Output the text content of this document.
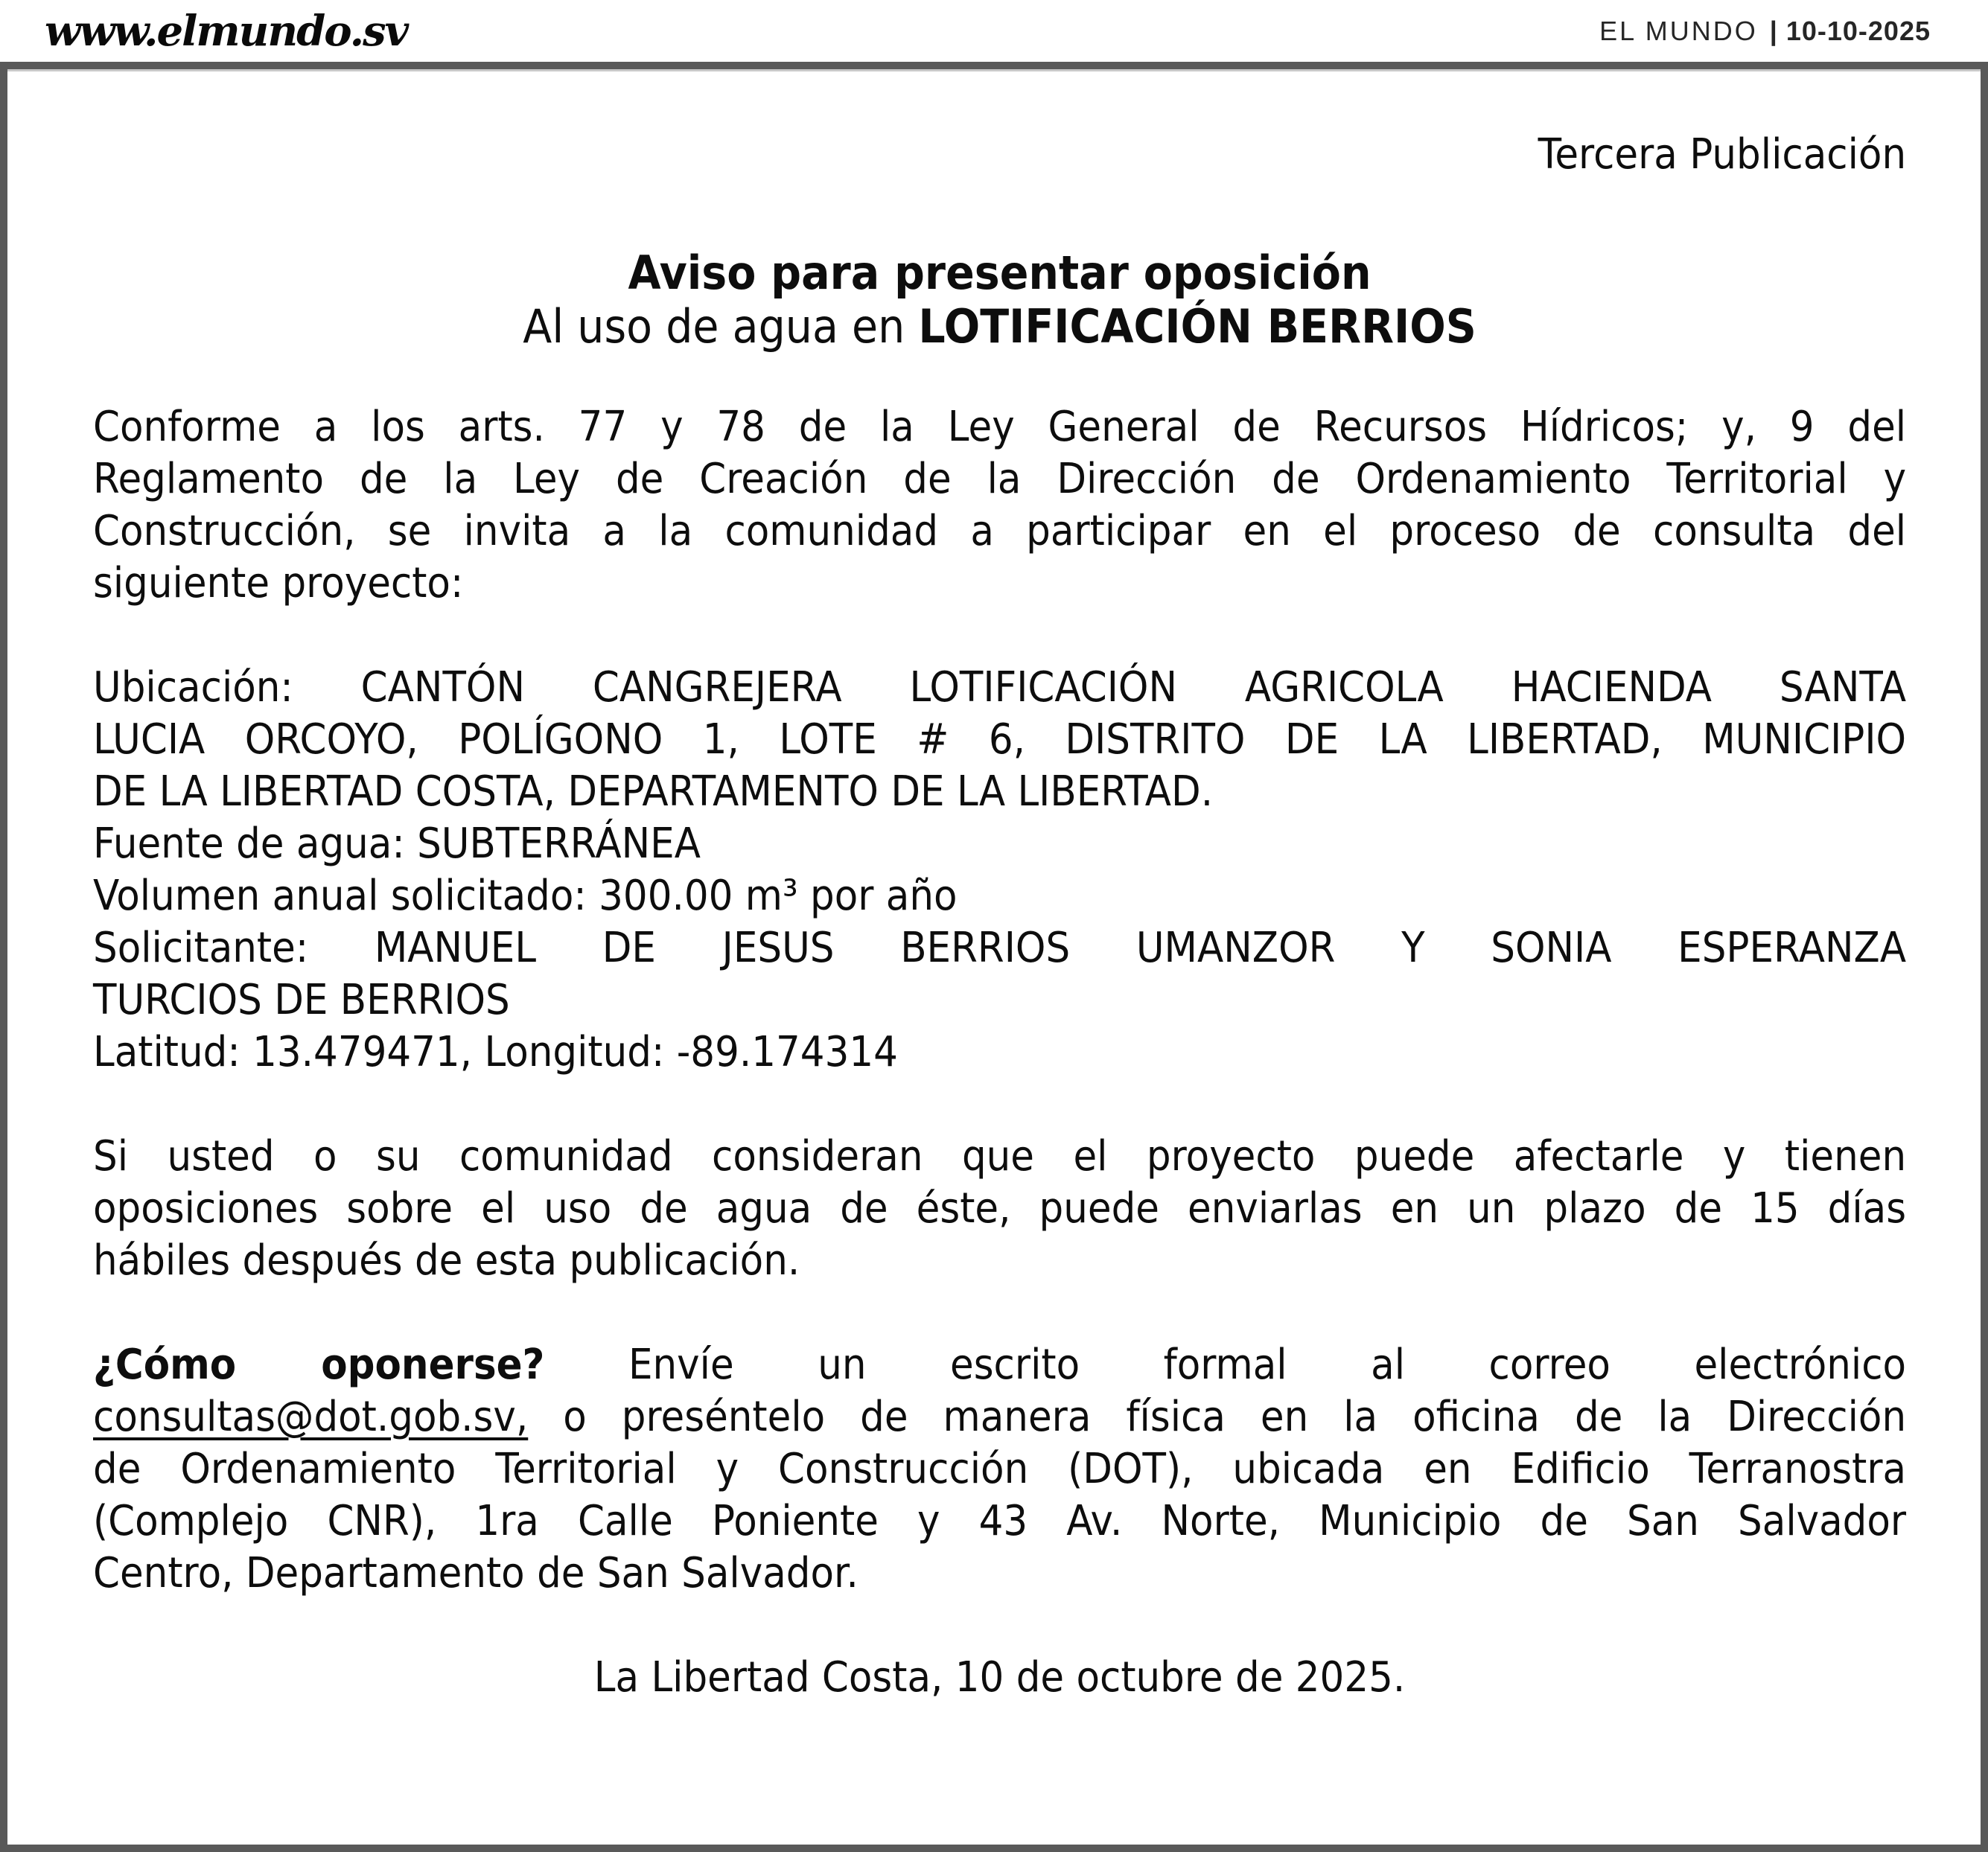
www.elmundo.sv	EL MUNDO | 10-10-2025
Tercera Publicación
Aviso para presentar oposición
Al uso de agua en LOTIFICACIÓN BERRIOS
Conforme a los arts. 77 y 78 de la Ley General de Recursos Hídricos; y, 9 del
Reglamento de la Ley de Creación de la Dirección de Ordenamiento Territorial y
Construcción, se invita a la comunidad a participar en el proceso de consulta del
siguiente proyecto:
Ubicación: CANTÓN CANGREJERA LOTIFICACIÓN AGRICOLA HACIENDA SANTA
LUCIA ORCOYO, POLÍGONO 1, LOTE # 6, DISTRITO DE LA LIBERTAD, MUNICIPIO
DE LA LIBERTAD COSTA, DEPARTAMENTO DE LA LIBERTAD.
Fuente de agua: SUBTERRÁNEA
Volumen anual solicitado: 300.00 m³ por año
Solicitante: MANUEL DE JESUS BERRIOS UMANZOR Y SONIA ESPERANZA
TURCIOS DE BERRIOS
Latitud: 13.479471, Longitud: -89.174314
Si usted o su comunidad consideran que el proyecto puede afectarle y tienen
oposiciones sobre el uso de agua de éste, puede enviarlas en un plazo de 15 días
hábiles después de esta publicación.
¿Cómo oponerse? Envíe un escrito formal al correo electrónico
consultas@dot.gob.sv, o preséntelo de manera física en la oficina de la Dirección
de Ordenamiento Territorial y Construcción (DOT), ubicada en Edificio Terranostra
(Complejo CNR), 1ra Calle Poniente y 43 Av. Norte, Municipio de San Salvador
Centro, Departamento de San Salvador.
La Libertad Costa, 10 de octubre de 2025.
